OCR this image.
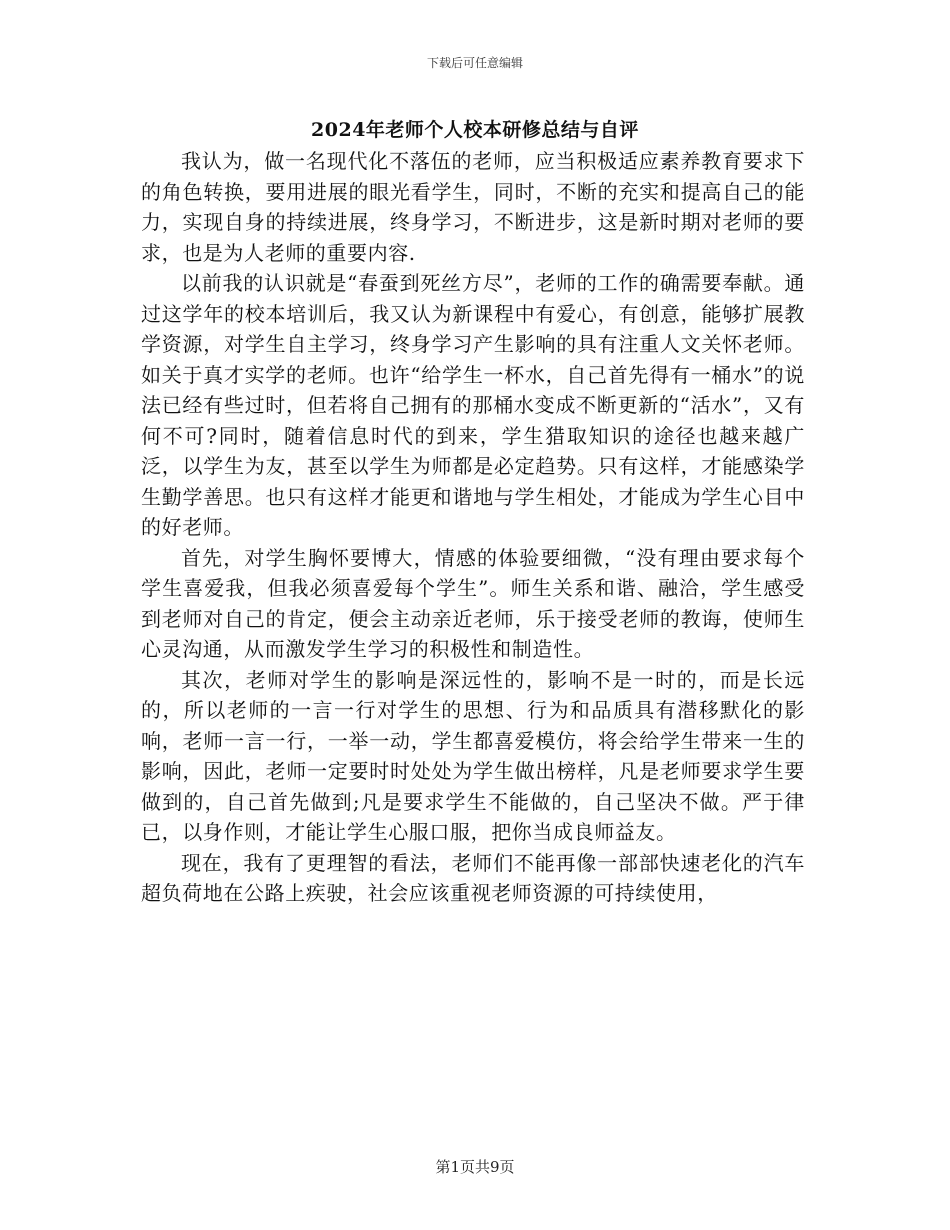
下载后可任意编辑
2024年老师个人校本研修总结与自评

我认为，做一名现代化不落伍的老师，应当积极适应素养教育要求下的角色转换，要用进展的眼光看学生，同时，不断的充实和提高自己的能力，实现自身的持续进展，终身学习，不断进步，这是新时期对老师的要求，也是为人老师的重要内容.

以前我的认识就是“春蚕到死丝方尽”，老师的工作的确需要奉献。通过这学年的校本培训后，我又认为新课程中有爱心，有创意，能够扩展教学资源，对学生自主学习，终身学习产生影响的具有注重人文关怀老师。如关于真才实学的老师。也许“给学生一杯水，自己首先得有一桶水”的说法已经有些过时，但若将自己拥有的那桶水变成不断更新的“活水”，又有何不可?同时，随着信息时代的到来，学生猎取知识的途径也越来越广泛，以学生为友，甚至以学生为师都是必定趋势。只有这样，才能感染学生勤学善思。也只有这样才能更和谐地与学生相处，才能成为学生心目中的好老师。

首先，对学生胸怀要博大，情感的体验要细微，“没有理由要求每个学生喜爱我，但我必须喜爱每个学生”。师生关系和谐、融洽，学生感受到老师对自己的肯定，便会主动亲近老师，乐于接受老师的教诲，使师生心灵沟通，从而激发学生学习的积极性和制造性。

其次，老师对学生的影响是深远性的，影响不是一时的，而是长远的，所以老师的一言一行对学生的思想、行为和品质具有潜移默化的影响，老师一言一行，一举一动，学生都喜爱模仿，将会给学生带来一生的影响，因此，老师一定要时时处处为学生做出榜样，凡是老师要求学生要做到的，自己首先做到;凡是要求学生不能做的，自己坚决不做。严于律已，以身作则，才能让学生心服口服，把你当成良师益友。

现在，我有了更理智的看法，老师们不能再像一部部快速老化的汽车超负荷地在公路上疾驶，社会应该重视老师资源的可持续使用，

第1页共9页
